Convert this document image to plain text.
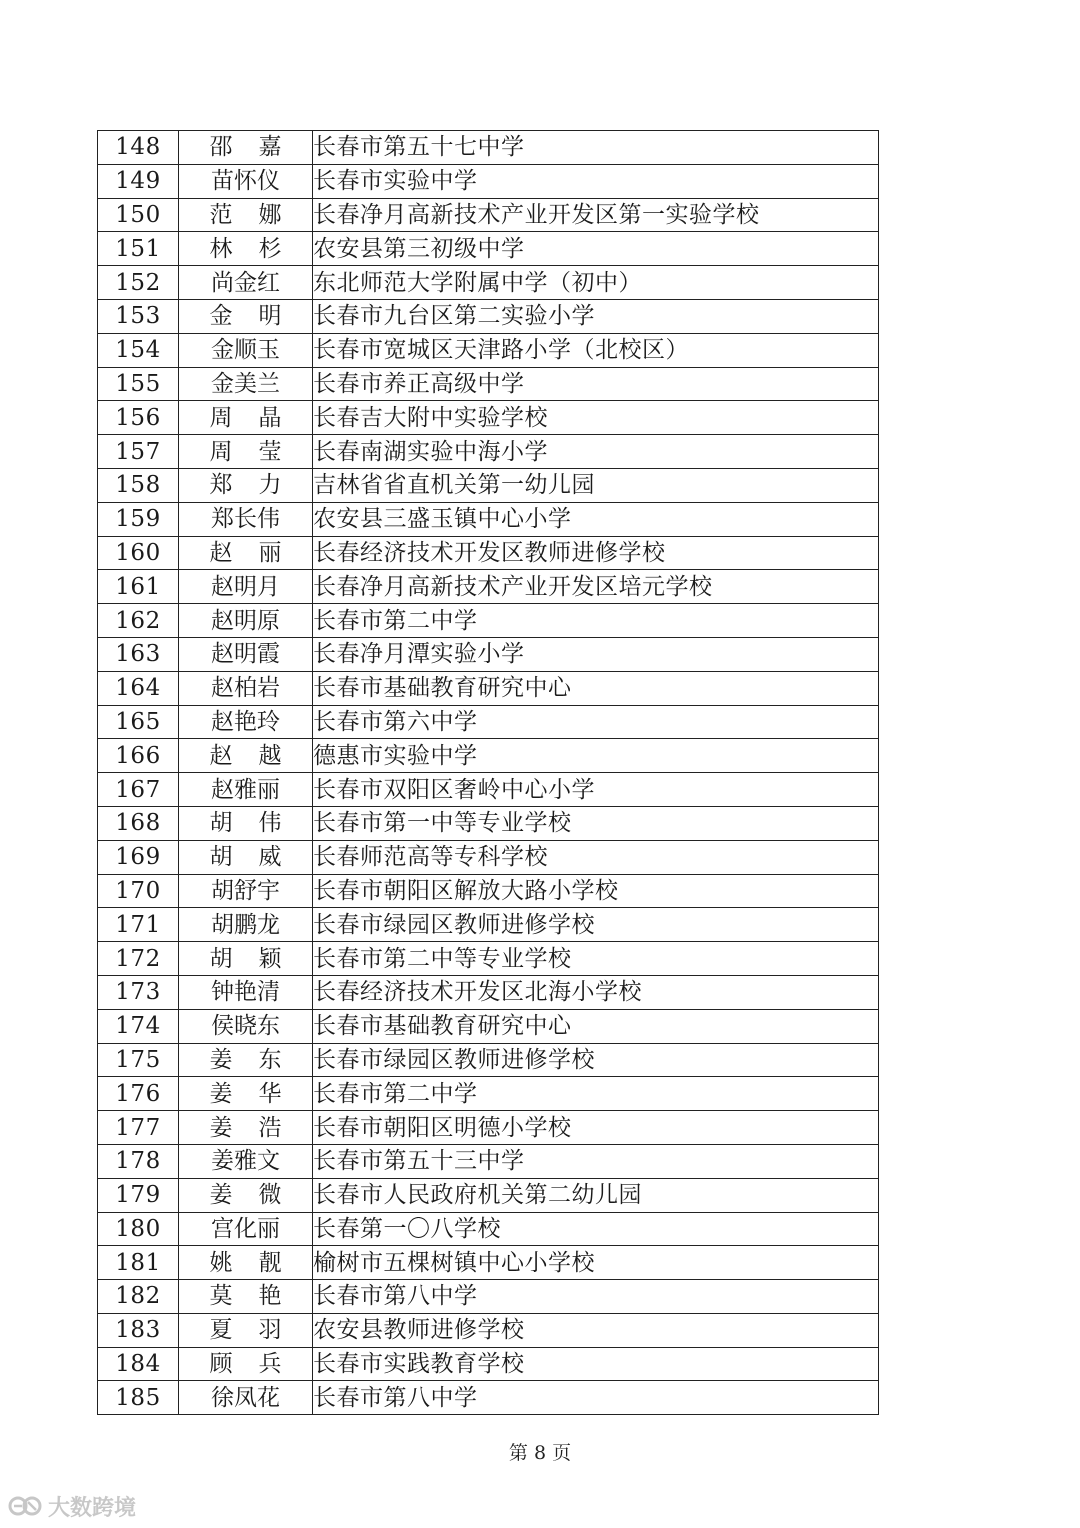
148	邵嘉	长春市第五十七中学
149	苗怀仪	长春市实验中学
150	范娜	长春净月高新技术产业开发区第一实验学校
151	林杉	农安县第三初级中学
152	尚金红	东北师范大学附属中学（初中）
153	金明	长春市九台区第二实验小学
154	金顺玉	长春市宽城区天津路小学（北校区）
155	金美兰	长春市养正高级中学
156	周晶	长春吉大附中实验学校
157	周莹	长春南湖实验中海小学
158	郑力	吉林省省直机关第一幼儿园
159	郑长伟	农安县三盛玉镇中心小学
160	赵丽	长春经济技术开发区教师进修学校
161	赵明月	长春净月高新技术产业开发区培元学校
162	赵明原	长春市第二中学
163	赵明霞	长春净月潭实验小学
164	赵柏岩	长春市基础教育研究中心
165	赵艳玲	长春市第六中学
166	赵越	德惠市实验中学
167	赵雅丽	长春市双阳区奢岭中心小学
168	胡伟	长春市第一中等专业学校
169	胡威	长春师范高等专科学校
170	胡舒宇	长春市朝阳区解放大路小学校
171	胡鹏龙	长春市绿园区教师进修学校
172	胡颖	长春市第二中等专业学校
173	钟艳清	长春经济技术开发区北海小学校
174	侯晓东	长春市基础教育研究中心
175	姜东	长春市绿园区教师进修学校
176	姜华	长春市第二中学
177	姜浩	长春市朝阳区明德小学校
178	姜雅文	长春市第五十三中学
179	姜微	长春市人民政府机关第二幼儿园
180	宫化丽	长春第一〇八学校
181	姚靓	榆树市五棵树镇中心小学校
182	莫艳	长春市第八中学
183	夏羽	农安县教师进修学校
184	顾兵	长春市实践教育学校
185	徐凤花	长春市第八中学
第 8 页
大数跨境
